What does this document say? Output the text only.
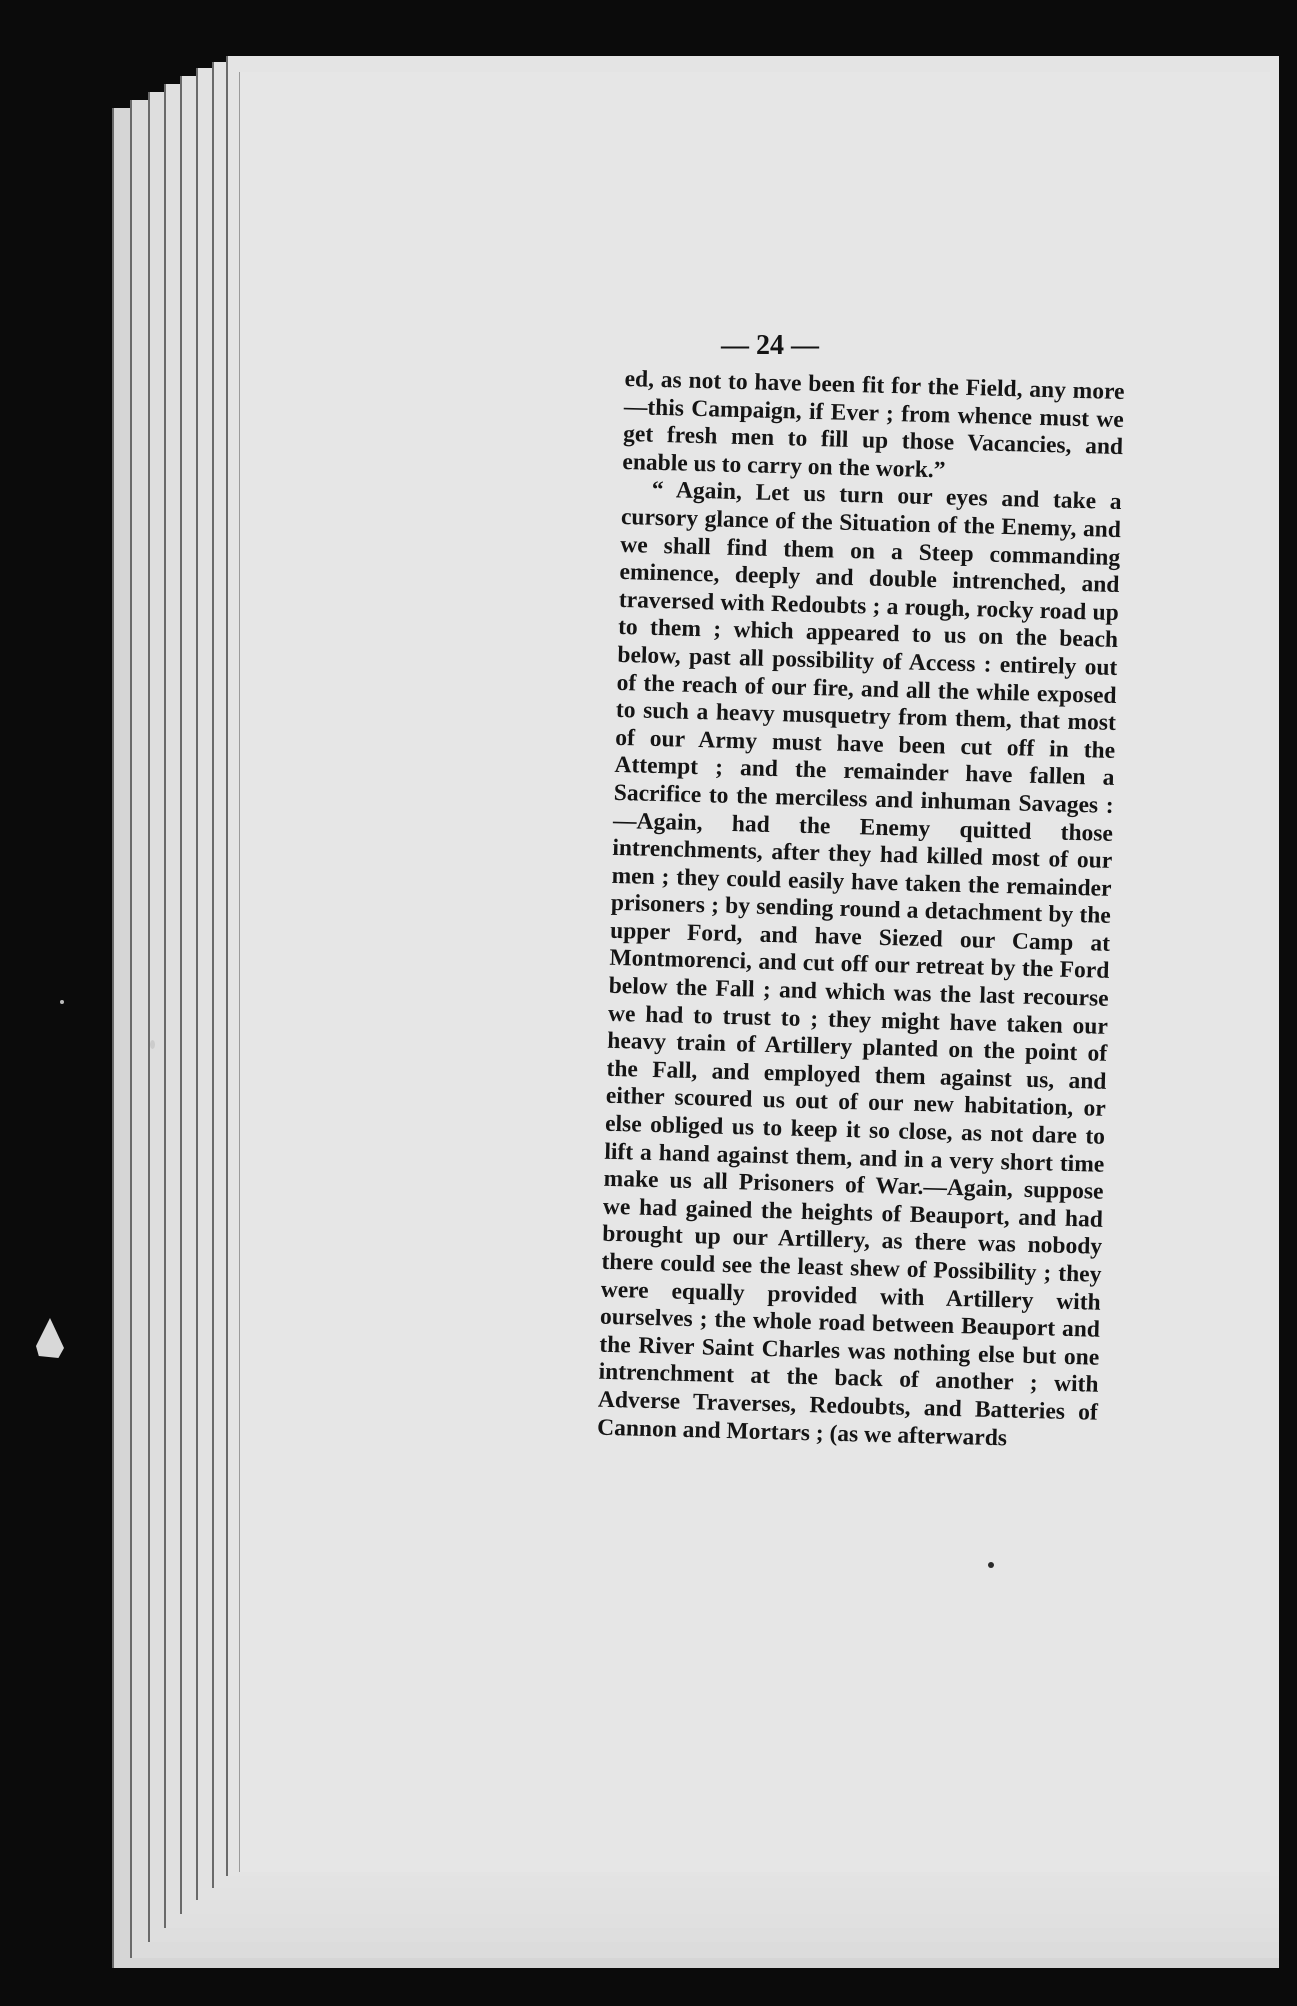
— 24 —

ed, as not to have been fit for the Field, any more—this Campaign, if Ever ; from whence must we get fresh men to fill up those Vacancies, and enable us to carry on the work.”

“ Again, Let us turn our eyes and take a cursory glance of the Situation of the Enemy, and we shall find them on a Steep commanding eminence, deeply and double intrenched, and traversed with Redoubts ; a rough, rocky road up to them ; which appeared to us on the beach below, past all possibility of Access : entirely out of the reach of our fire, and all the while exposed to such a heavy musquetry from them, that most of our Army must have been cut off in the Attempt ; and the remainder have fallen a Sacrifice to the merciless and inhuman Savages :—Again, had the Enemy quitted those intrenchments, after they had killed most of our men ; they could easily have taken the remainder prisoners ; by sending round a detachment by the upper Ford, and have Siezed our Camp at Montmorenci, and cut off our retreat by the Ford below the Fall ; and which was the last recourse we had to trust to ; they might have taken our heavy train of Artillery planted on the point of the Fall, and employed them against us, and either scoured us out of our new habitation, or else obliged us to keep it so close, as not dare to lift a hand against them, and in a very short time make us all Prisoners of War.—Again, suppose we had gained the heights of Beauport, and had brought up our Artillery, as there was nobody there could see the least shew of Possibility ; they were equally provided with Artillery with ourselves ; the whole road between Beauport and the River Saint Charles was nothing else but one intrenchment at the back of another ; with Adverse Traverses, Redoubts, and Batteries of Cannon and Mortars ; (as we afterwards
